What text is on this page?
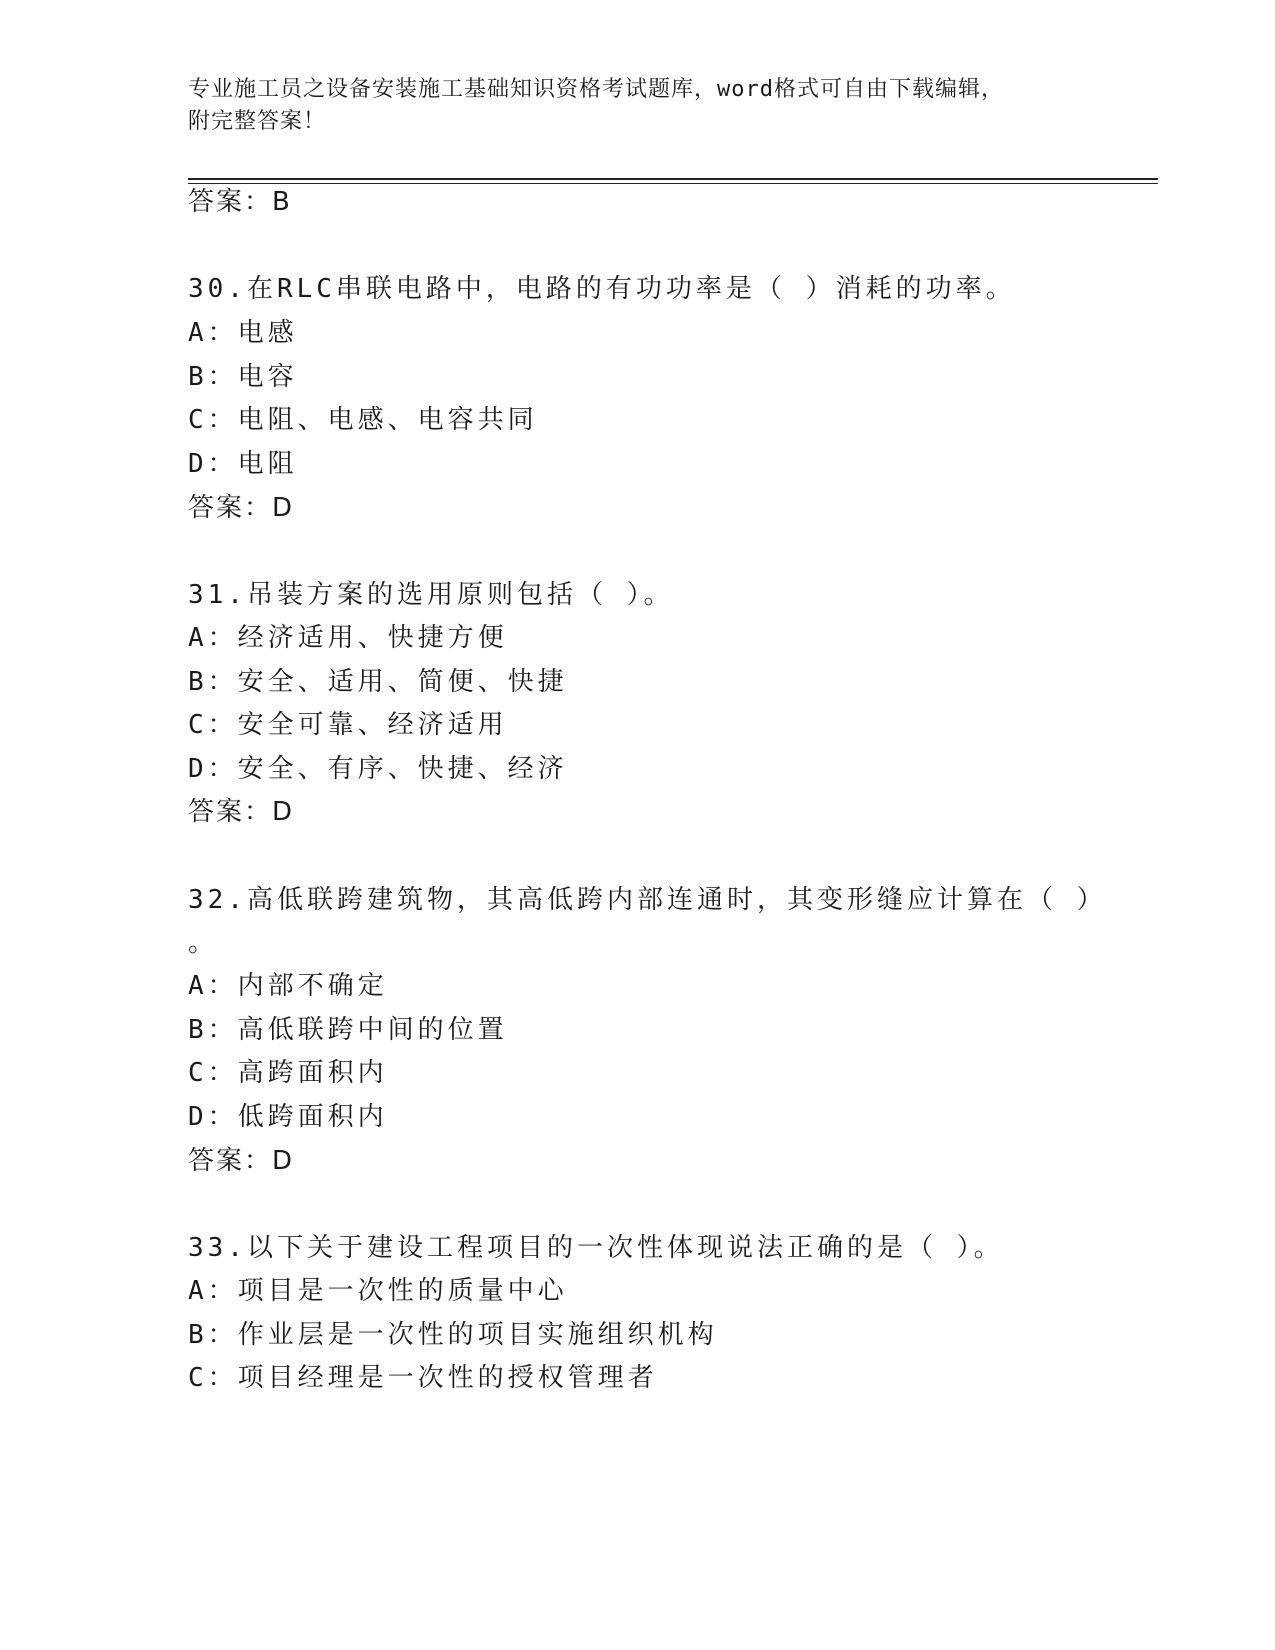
专业施工员之设备安装施工基础知识资格考试题库，word格式可自由下载编辑，
附完整答案！
答案：B
30.在RLC串联电路中，电路的有功功率是（ ）消耗的功率。
A：电感
B：电容
C：电阻、电感、电容共同
D：电阻
答案：D
31.吊装方案的选用原则包括（ ）。
A：经济适用、快捷方便
B：安全、适用、简便、快捷
C：安全可靠、经济适用
D：安全、有序、快捷、经济
答案：D
32.高低联跨建筑物，其高低跨内部连通时，其变形缝应计算在（ ）
。
A：内部不确定
B：高低联跨中间的位置
C：高跨面积内
D：低跨面积内
答案：D
33.以下关于建设工程项目的一次性体现说法正确的是（ ）。
A：项目是一次性的质量中心
B：作业层是一次性的项目实施组织机构
C：项目经理是一次性的授权管理者
